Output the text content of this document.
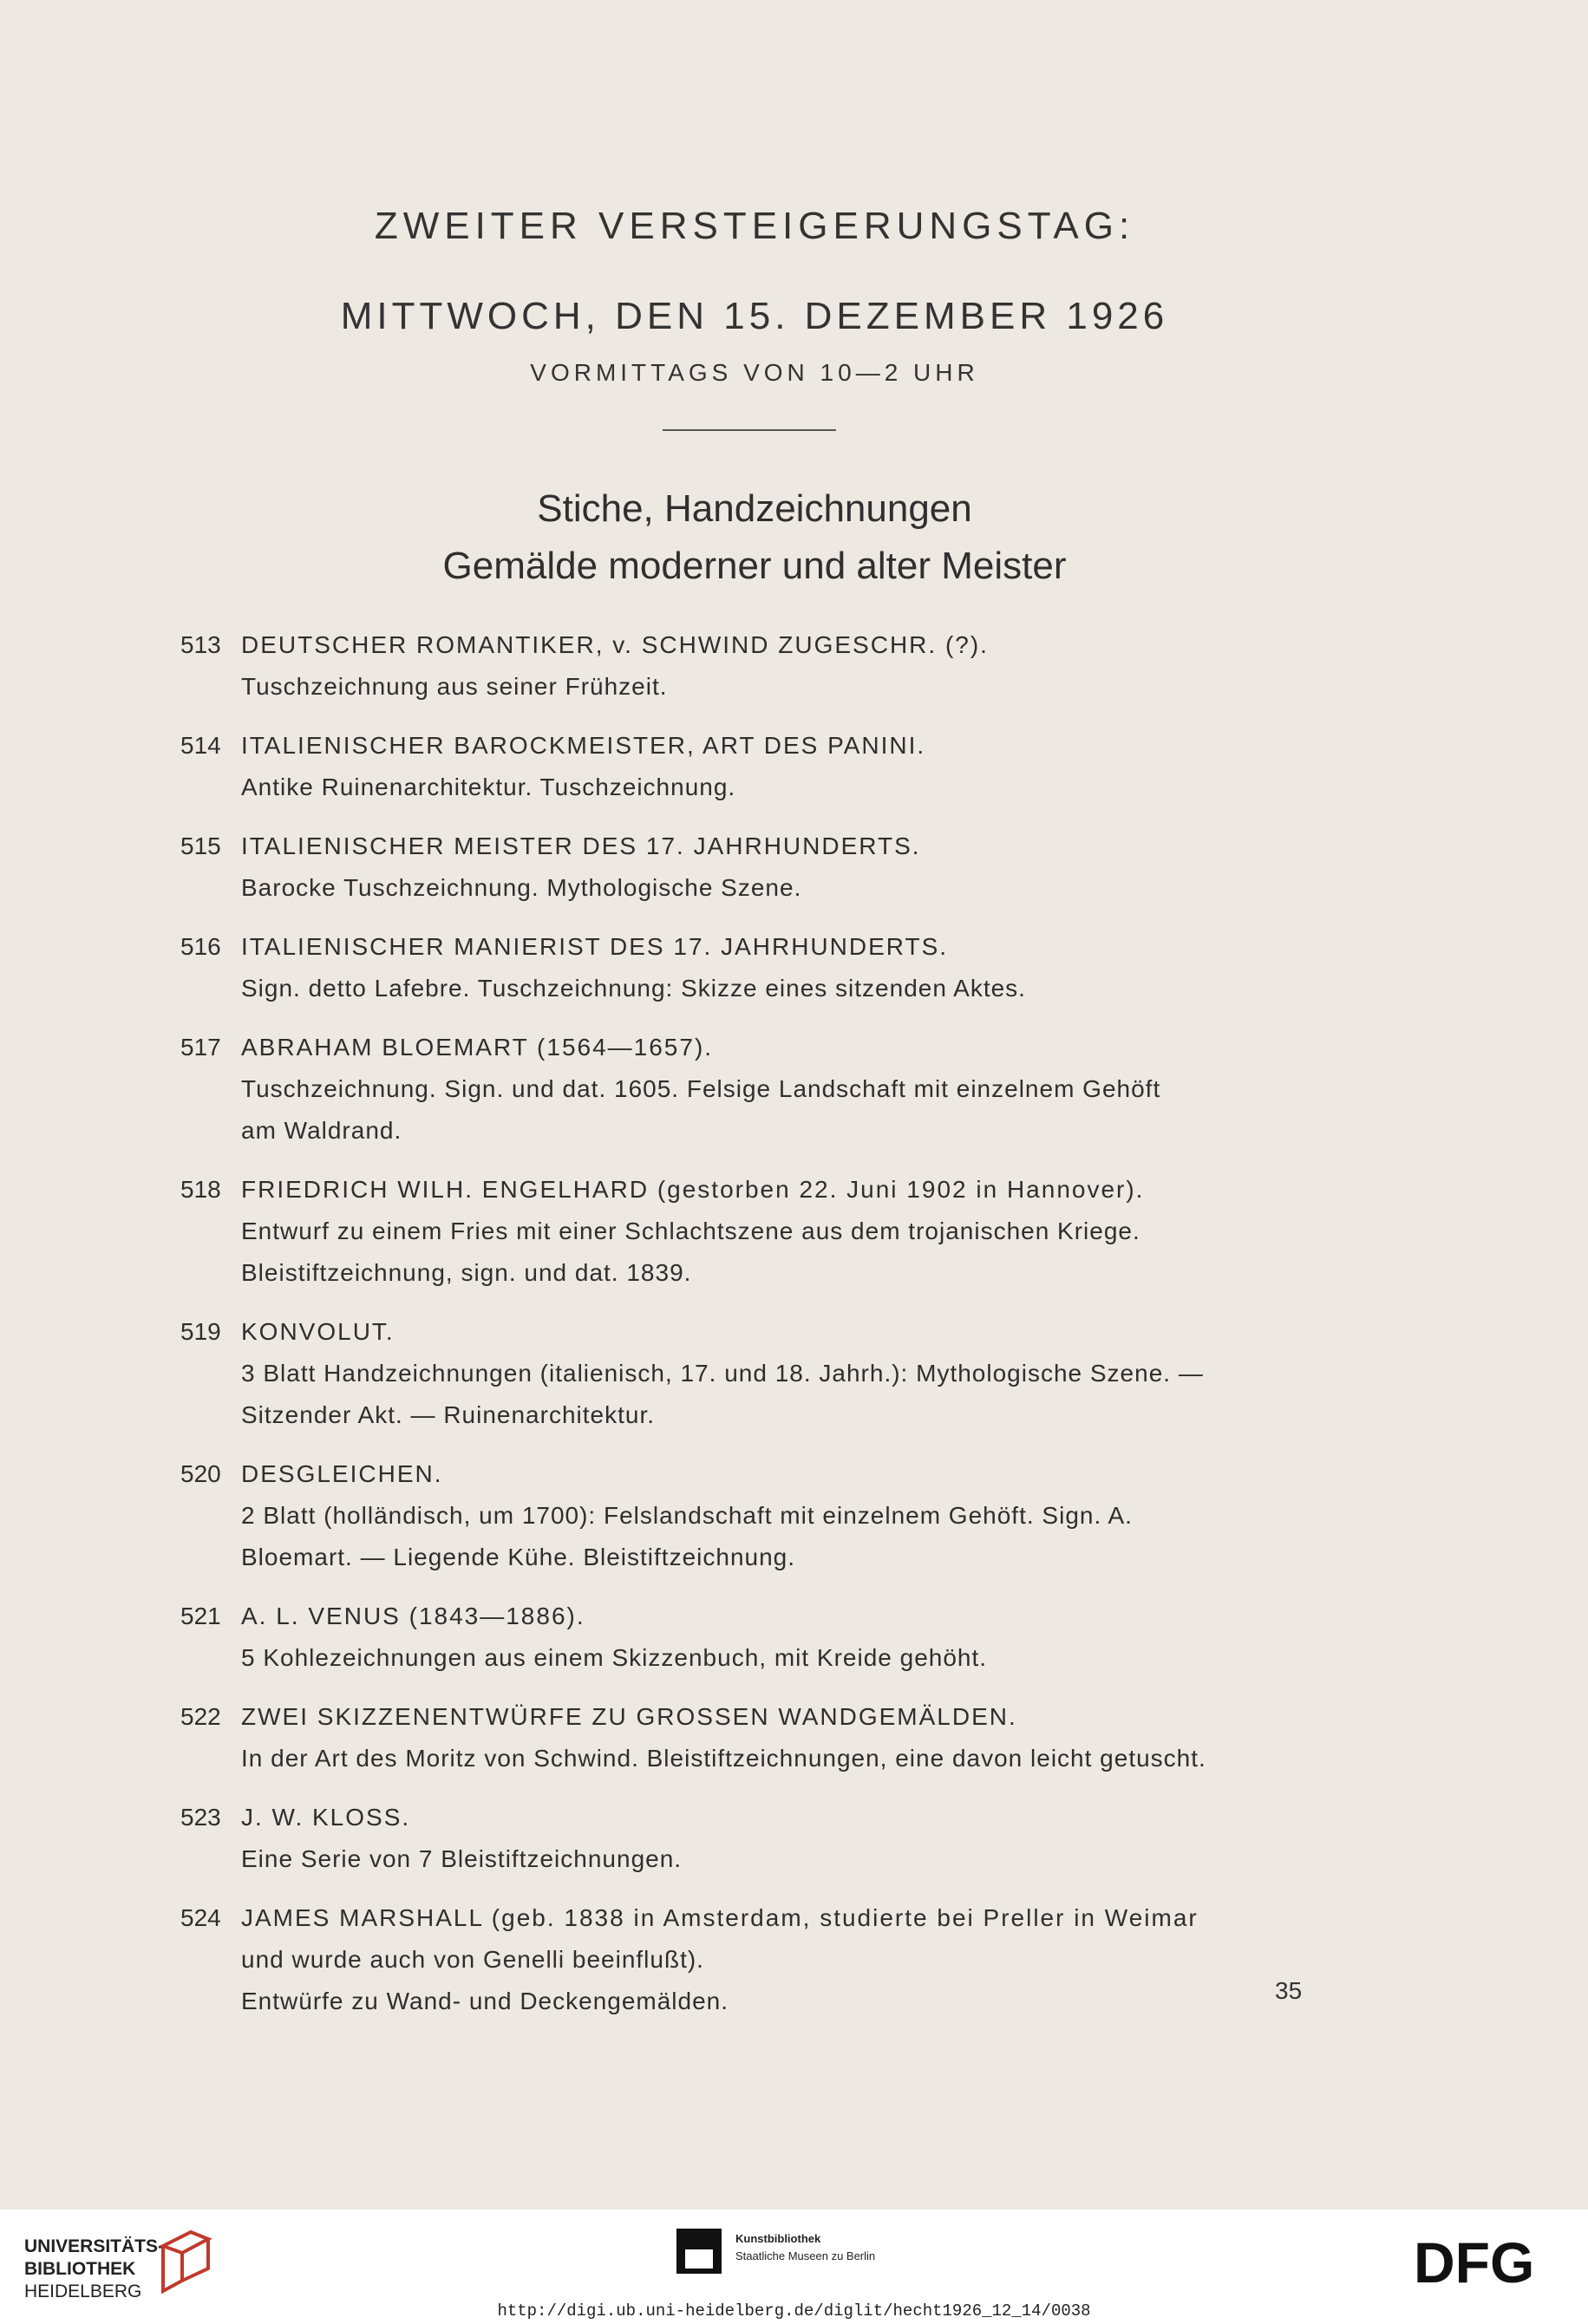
ZWEITER VERSTEIGERUNGSTAG:
MITTWOCH, DEN 15. DEZEMBER 1926
VORMITTAGS VON 10—2 UHR
Stiche, Handzeichnungen
Gemälde moderner und alter Meister
513 DEUTSCHER ROMANTIKER, v. SCHWIND ZUGESCHR. (?).
Tuschzeichnung aus seiner Frühzeit.
514 ITALIENISCHER BAROCKMEISTER, ART DES PANINI.
Antike Ruinenarchitektur. Tuschzeichnung.
515 ITALIENISCHER MEISTER DES 17. JAHRHUNDERTS.
Barocke Tuschzeichnung. Mythologische Szene.
516 ITALIENISCHER MANIERIST DES 17. JAHRHUNDERTS.
Sign. detto Lafebre. Tuschzeichnung: Skizze eines sitzenden Aktes.
517 ABRAHAM BLOEMART (1564—1657).
Tuschzeichnung. Sign. und dat. 1605. Felsige Landschaft mit einzelnem Gehöft
am Waldrand.
518 FRIEDRICH WILH. ENGELHARD (gestorben 22. Juni 1902 in Hannover).
Entwurf zu einem Fries mit einer Schlachtszene aus dem trojanischen Kriege.
Bleistiftzeichnung, sign. und dat. 1839.
519 KONVOLUT.
3 Blatt Handzeichnungen (italienisch, 17. und 18. Jahrh.): Mythologische Szene. —
Sitzender Akt. — Ruinenarchitektur.
520 DESGLEICHEN.
2 Blatt (holländisch, um 1700): Felslandschaft mit einzelnem Gehöft. Sign. A.
Bloemart. — Liegende Kühe. Bleistiftzeichnung.
521 A. L. VENUS (1843—1886).
5 Kohlezeichnungen aus einem Skizzenbuch, mit Kreide gehöht.
522 ZWEI SKIZZENENTWÜRFE ZU GROSSEN WANDGEMÄLDEN.
In der Art des Moritz von Schwind. Bleistiftzeichnungen, eine davon leicht getuscht.
523 J. W. KLOSS.
Eine Serie von 7 Bleistiftzeichnungen.
524 JAMES MARSHALL (geb. 1838 in Amsterdam, studierte bei Preller in Weimar
und wurde auch von Genelli beeinflußt).
Entwürfe zu Wand- und Deckengemälden.	35
UNIVERSITÄTS-
BIBLIOTHEK
HEIDELBERG
Kunstbibliothek
Staatliche Museen zu Berlin	DFG
http://digi.ub.uni-heidelberg.de/diglit/hecht1926_12_14/0038
